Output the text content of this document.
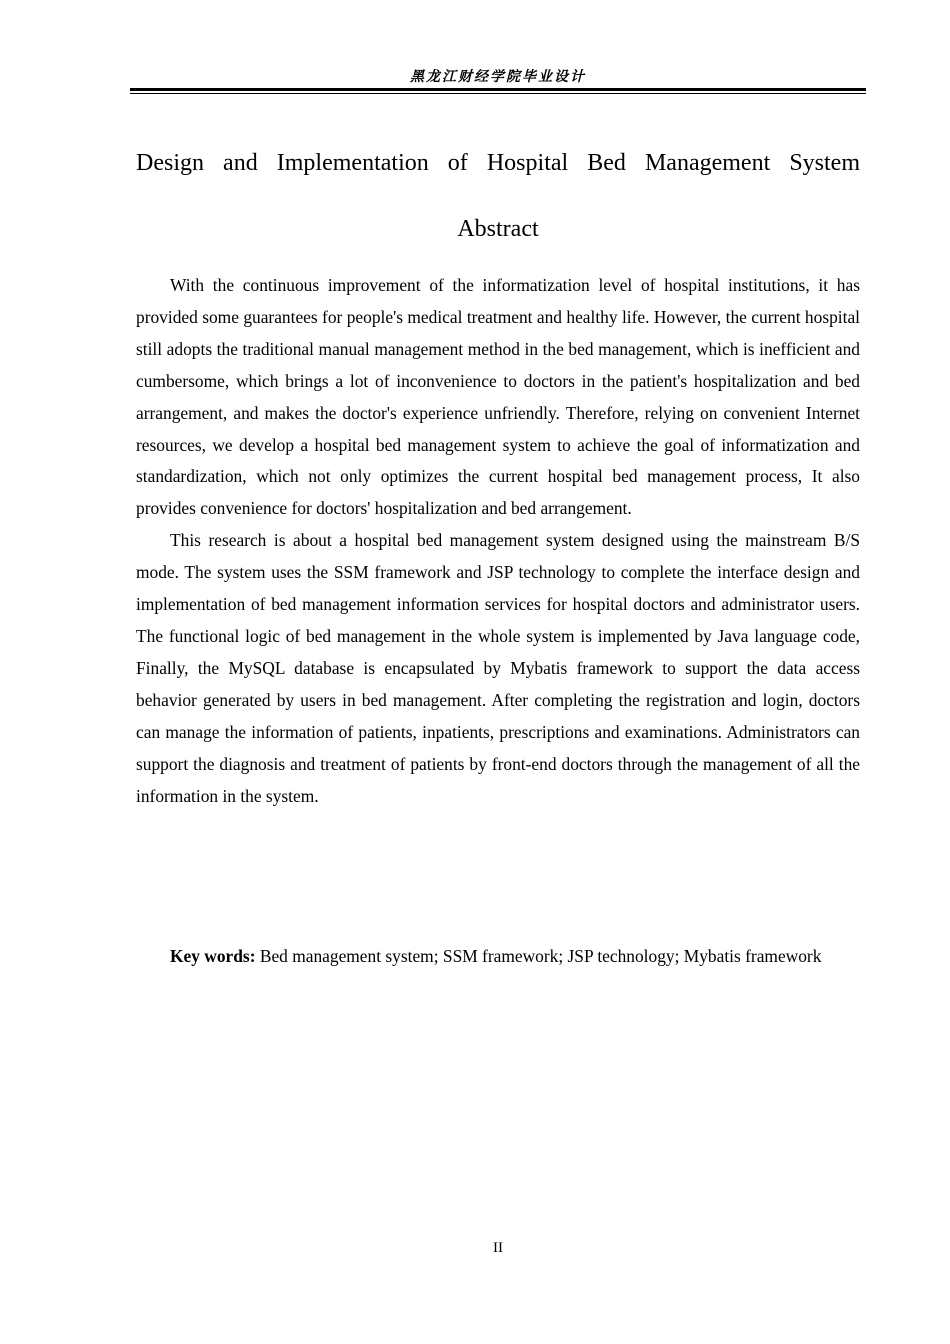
黑龙江财经学院毕业设计
Design and Implementation of Hospital Bed Management System
Abstract

With the continuous improvement of the informatization level of hospital institutions, it has provided some guarantees for people's medical treatment and healthy life. However, the current hospital still adopts the traditional manual management method in the bed management, which is inefficient and cumbersome, which brings a lot of inconvenience to doctors in the patient's hospitalization and bed arrangement, and makes the doctor's experience unfriendly. Therefore, relying on convenient Internet resources, we develop a hospital bed management system to achieve the goal of informatization and standardization, which not only optimizes the current hospital bed management process, It also provides convenience for doctors' hospitalization and bed arrangement.

This research is about a hospital bed management system designed using the mainstream B/S mode. The system uses the SSM framework and JSP technology to complete the interface design and implementation of bed management information services for hospital doctors and administrator users. The functional logic of bed management in the whole system is implemented by Java language code, Finally, the MySQL database is encapsulated by Mybatis framework to support the data access behavior generated by users in bed management. After completing the registration and login, doctors can manage the information of patients, inpatients, prescriptions and examinations. Administrators can support the diagnosis and treatment of patients by front-end doctors through the management of all the information in the system.

Key words: Bed management system; SSM framework; JSP technology; Mybatis framework

II
